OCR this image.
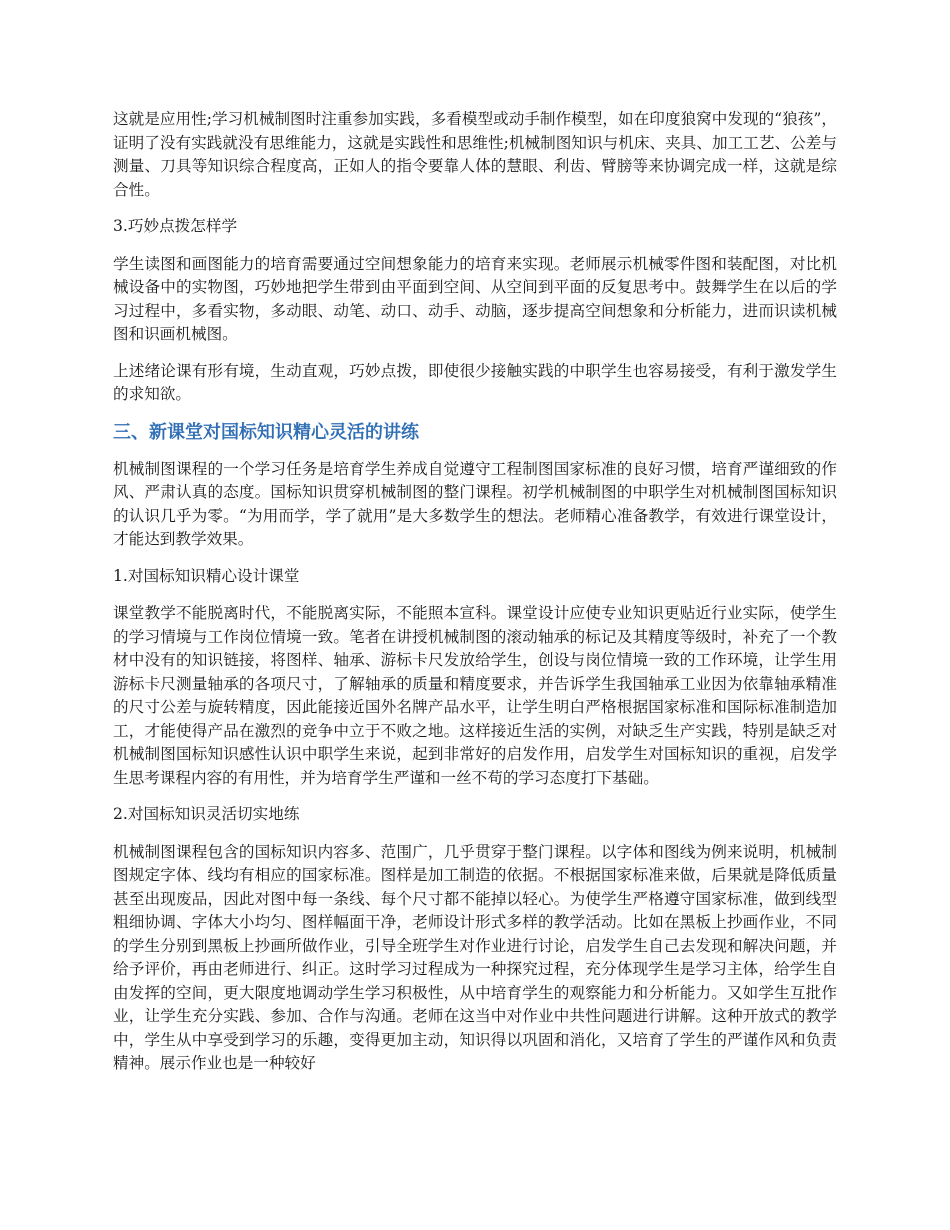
这就是应用性;学习机械制图时注重参加实践，多看模型或动手制作模型，如在印度狼窝中发现的“狼孩”，证明了没有实践就没有思维能力，这就是实践性和思维性;机械制图知识与机床、夹具、加工工艺、公差与测量、刀具等知识综合程度高，正如人的指令要靠人体的慧眼、利齿、臂膀等来协调完成一样，这就是综合性。

3.巧妙点拨怎样学

学生读图和画图能力的培育需要通过空间想象能力的培育来实现。老师展示机械零件图和装配图，对比机械设备中的实物图，巧妙地把学生带到由平面到空间、从空间到平面的反复思考中。鼓舞学生在以后的学习过程中，多看实物，多动眼、动笔、动口、动手、动脑，逐步提高空间想象和分析能力，进而识读机械图和识画机械图。

上述绪论课有形有境，生动直观，巧妙点拨，即使很少接触实践的中职学生也容易接受，有利于激发学生的求知欲。

三、新课堂对国标知识精心灵活的讲练

机械制图课程的一个学习任务是培育学生养成自觉遵守工程制图国家标准的良好习惯，培育严谨细致的作风、严肃认真的态度。国标知识贯穿机械制图的整门课程。初学机械制图的中职学生对机械制图国标知识的认识几乎为零。“为用而学，学了就用”是大多数学生的想法。老师精心准备教学，有效进行课堂设计，才能达到教学效果。

1.对国标知识精心设计课堂

课堂教学不能脱离时代，不能脱离实际，不能照本宣科。课堂设计应使专业知识更贴近行业实际，使学生的学习情境与工作岗位情境一致。笔者在讲授机械制图的滚动轴承的标记及其精度等级时，补充了一个教材中没有的知识链接，将图样、轴承、游标卡尺发放给学生，创设与岗位情境一致的工作环境，让学生用游标卡尺测量轴承的各项尺寸，了解轴承的质量和精度要求，并告诉学生我国轴承工业因为依靠轴承精准的尺寸公差与旋转精度，因此能接近国外名牌产品水平，让学生明白严格根据国家标准和国际标准制造加工，才能使得产品在激烈的竞争中立于不败之地。这样接近生活的实例，对缺乏生产实践，特别是缺乏对机械制图国标知识感性认识中职学生来说，起到非常好的启发作用，启发学生对国标知识的重视，启发学生思考课程内容的有用性，并为培育学生严谨和一丝不苟的学习态度打下基础。

2.对国标知识灵活切实地练

机械制图课程包含的国标知识内容多、范围广，几乎贯穿于整门课程。以字体和图线为例来说明，机械制图规定字体、线均有相应的国家标准。图样是加工制造的依据。不根据国家标准来做，后果就是降低质量甚至出现废品，因此对图中每一条线、每个尺寸都不能掉以轻心。为使学生严格遵守国家标准，做到线型粗细协调、字体大小均匀、图样幅面干净，老师设计形式多样的教学活动。比如在黑板上抄画作业，不同的学生分别到黑板上抄画所做作业，引导全班学生对作业进行讨论，启发学生自己去发现和解决问题，并给予评价，再由老师进行、纠正。这时学习过程成为一种探究过程，充分体现学生是学习主体，给学生自由发挥的空间，更大限度地调动学生学习积极性，从中培育学生的观察能力和分析能力。又如学生互批作业，让学生充分实践、参加、合作与沟通。老师在这当中对作业中共性问题进行讲解。这种开放式的教学中，学生从中享受到学习的乐趣，变得更加主动，知识得以巩固和消化，又培育了学生的严谨作风和负责精神。展示作业也是一种较好
